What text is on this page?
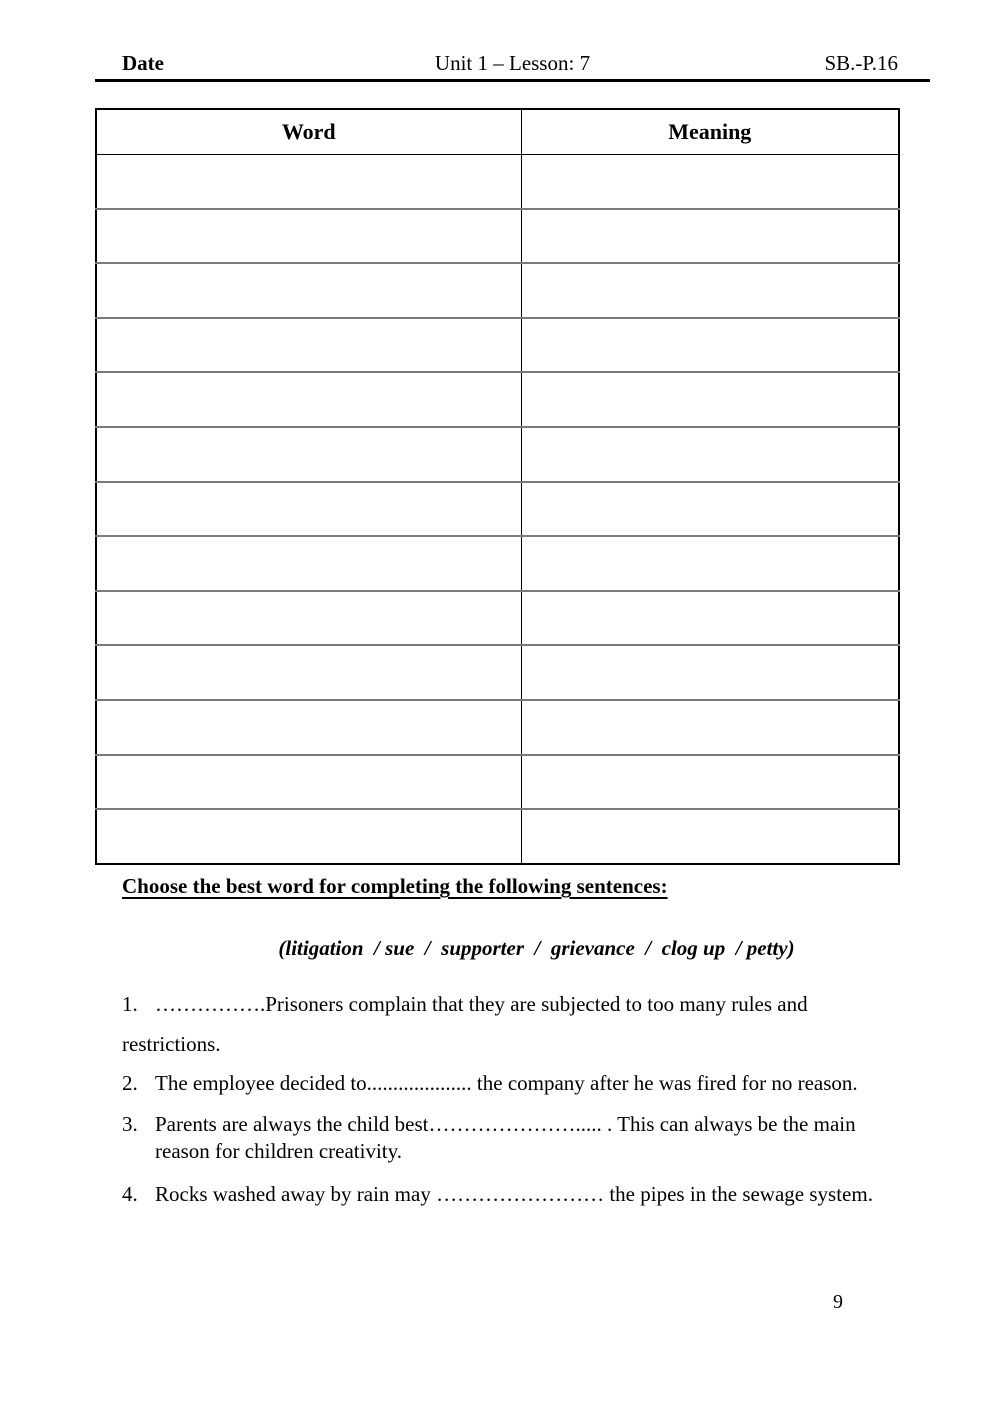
Date	Unit 1 – Lesson: 7	SB.-P.16
Word	Meaning

Choose the best word for completing the following sentences:
(litigation  / sue  /  supporter  /  grievance  /  clog up  / petty)
1. …………….Prisoners complain that they are subjected to too many rules and
restrictions.
2. The employee decided to.................... the company after he was fired for no reason.
3. Parents are always the child best…………………..... . This can always be the main
reason for children creativity.
4. Rocks washed away by rain may …………………… the pipes in the sewage system.
9
